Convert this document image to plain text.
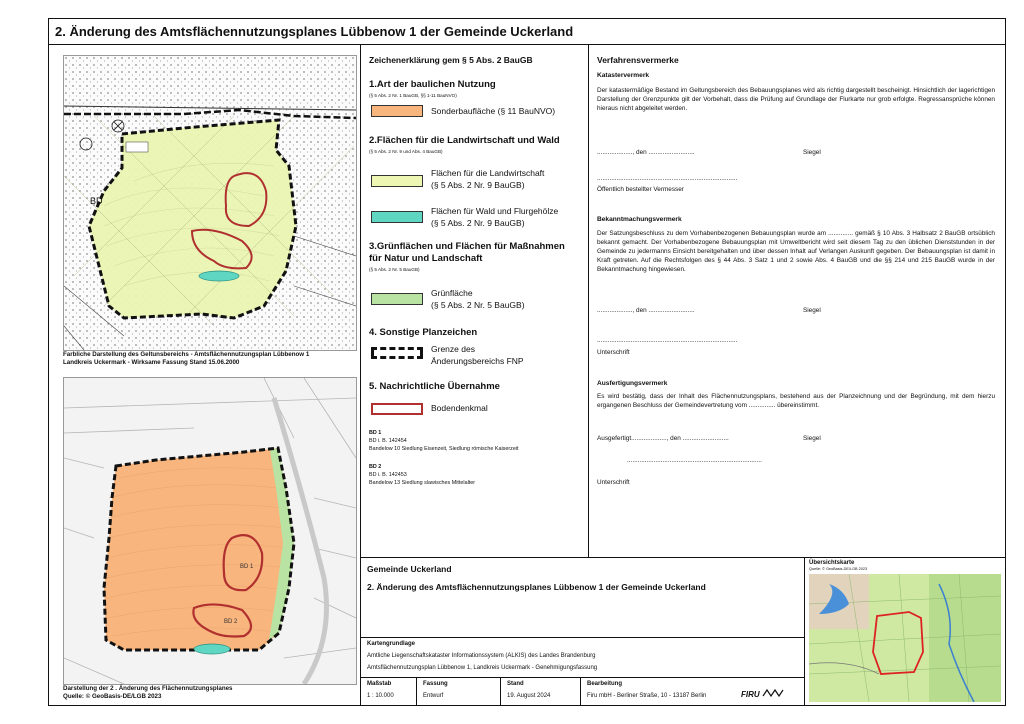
2. Änderung des Amtsflächennutzungsplanes Lübbenow 1 der Gemeinde Uckerland
BD
Farbliche Darstellung des Geltunsbereichs - Amtsflächennutzungsplan Lübbenow 1
Landkreis Uckermark - Wirksame Fassung Stand 15.06.2000
BD 1
BD 2
Darstellung der 2 . Änderung des Flächennutzungsplanes
Quelle: © GeoBasis-DE/LGB 2023
Zeichenerklärung gem § 5 Abs. 2 BauGB
1.Art der baulichen Nutzung
(§ 5 Abs. 2 Nr. 1 BauGB, §§ 1-11 BauNVO)
Sonderbaufläche (§ 11 BauNVO)
2.Flächen für die Landwirtschaft und Wald
(§ 5 Abs. 2 Nr. 9 und Abs. 4 BauGB)
Flächen für die Landwirtschaft
(§ 5 Abs. 2 Nr. 9 BauGB)
Flächen für Wald und Flurgehölze
(§ 5 Abs. 2 Nr. 9 BauGB)
3.Grünflächen und Flächen für Maßnahmen
für Natur und Landschaft
(§ 5 Abs. 2 Nr. 5 BauGB)
Grünfläche
(§ 5 Abs. 2 Nr. 5 BauGB)
4. Sonstige Planzeichen
Grenze des
Änderungsbereichs FNP
5. Nachrichtliche Übernahme
Bodendenkmal
BD 1
BD i. B. 142454
Bandelow 10 Siedlung Eisenzeit, Siedlung römische Kaiserzeit
BD 2
BD i. B. 142453
Bandelow 13 Siedlung slawisches Mittelalter
Verfahrensvermerke
Katastervermerk
Der katastermäßige Bestand im Geltungsbereich des Bebauungsplanes wird als richtig dargestellt bescheinigt. Hinsichtlich der lagerichtigen Darstellung der Grenzpunkte gilt der Vorbehalt, dass die Prüfung auf Grundlage der Flurkarte nur grob erfolgte. Regressansprüche können hieraus nicht abgeleitet werden.
...................., den ..........................	Siegel
...............................................................................
Öffentlich bestellter Vermesser
Bekanntmachungsvermerk
Der Satzungsbeschluss zu dem Vorhabenbezogenen Bebauungsplan wurde am .............. gemäß § 10 Abs. 3 Halbsatz 2 BauGB ortsüblich bekannt gemacht. Der Vorhabenbezogene Bebauungsplan mit Umweltbericht wird seit diesem Tag zu den üblichen Dienststunden in der Gemeinde zu jedermanns Einsicht bereitgehalten und über dessen Inhalt auf Verlangen Auskunft gegeben. Der Bebauungsplan ist damit in Kraft getreten. Auf die Rechtsfolgen des § 44 Abs. 3 Satz 1 und 2 sowie Abs. 4 BauGB und die §§ 214 und 215 BauGB wurde in der Bekanntmachung hingewiesen.
...................., den ..........................	Siegel
...............................................................................
Unterschrift
Ausfertigungsvermerk
Es wird bestätig, dass der Inhalt des Flächennutzungsplans, bestehend aus der Planzeichnung und der Begründung, mit dem hierzu ergangenen Beschluss der Gemeindevertretung vom ............... übereinstimmt.
Ausgefertigt...................., den ..........................	Siegel
............................................................................
Unterschrift
Gemeinde Uckerland
2. Änderung des Amtsflächennutzungsplanes Lübbenow 1 der Gemeinde Uckerland
Kartengrundlage
Amtliche Liegenschaftskataster Informationssystem (ALKIS) des Landes Brandenburg
Amtsflächennutzungsplan Lübbenow 1, Landkreis Uckermark - Genehmigungsfassung
Maßstab
1 : 10.000
Fassung
Entwurf
Stand
19. August 2024
Bearbeitung
Firu mbH - Berliner Straße, 10 - 13187 Berlin	FIRU
Übersichtskarte
Quelle: © GeoBasis-DE/LGB 2023
